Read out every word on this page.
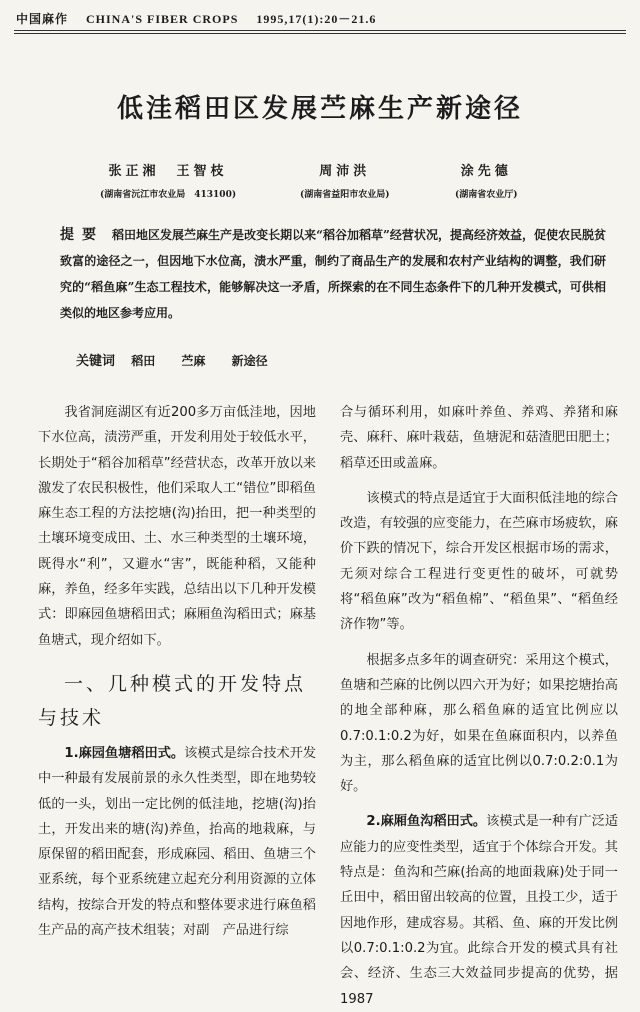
中国麻作 CHINA'S FIBER CROPS 1995,17(1):20－21.6
低洼稻田区发展苎麻生产新途径
张正湘　王智枝
(湖南省沅江市农业局　413100)
周沛洪
(湖南省益阳市农业局)
涂先德
(湖南省农业厅)
提要 稻田地区发展苎麻生产是改变长期以来“稻谷加稻草”经营状况，提高经济效益，促使农民脱贫致富的途径之一，但因地下水位高，渍水严重，制约了商品生产的发展和农村产业结构的调整，我们研究的“稻鱼麻”生态工程技术，能够解决这一矛盾，所探索的在不同生态条件下的几种开发模式，可供相类似的地区参考应用。
关键词 稻田 苎麻 新途径

我省洞庭湖区有近200多万亩低洼地，因地下水位高，渍涝严重，开发利用处于较低水平，长期处于“稻谷加稻草”经营状态，改革开放以来激发了农民积极性，他们采取人工“错位”即稻鱼麻生态工程的方法挖塘(沟)抬田，把一种类型的土壤环境变成田、土、水三种类型的土壤环境，既得水“利”，又避水“害”，既能种稻，又能种麻，养鱼，经多年实践，总结出以下几种开发模式：即麻园鱼塘稻田式；麻厢鱼沟稻田式；麻基鱼塘式，现介绍如下。

一、几种模式的开发特点
与技术

1.麻园鱼塘稻田式。该模式是综合技术开发中一种最有发展前景的永久性类型，即在地势较低的一头，划出一定比例的低洼地，挖塘(沟)抬土，开发出来的塘(沟)养鱼，抬高的地栽麻，与原保留的稻田配套，形成麻园、稻田、鱼塘三个亚系统，每个亚系统建立起充分利用资源的立体结构，按综合开发的特点和整体要求进行麻鱼稻生产品的高产技术组装；对副　产品进行综

合与循环利用，如麻叶养鱼、养鸡、养猪和麻壳、麻秆、麻叶栽菇，鱼塘泥和菇渣肥田肥土；稻草还田或盖麻。

该模式的特点是适宜于大面积低洼地的综合改造，有较强的应变能力，在苎麻市场疲软，麻价下跌的情况下，综合开发区根据市场的需求，无须对综合工程进行变更性的破坏，可就势将“稻鱼麻”改为“稻鱼棉”、“稻鱼果”、“稻鱼经济作物”等。

根据多点多年的调查研究：采用这个模式，鱼塘和苎麻的比例以四六开为好；如果挖塘抬高的地全部种麻，那么稻鱼麻的适宜比例应以0.7:0.1:0.2为好，如果在鱼麻面积内，以养鱼为主，那么稻鱼麻的适宜比例以0.7:0.2:0.1为好。

2.麻厢鱼沟稻田式。该模式是一种有广泛适应能力的应变性类型，适宜于个体综合开发。其特点是：鱼沟和苎麻(抬高的地面栽麻)处于同一丘田中，稻田留出较高的位置，且投工少，适于因地作形，建成容易。其稻、鱼、麻的开发比例以0.7:0.1:0.2为宜。此综合开发的模式具有社会、经济、生态三大效益同步提高的优势，据1987
